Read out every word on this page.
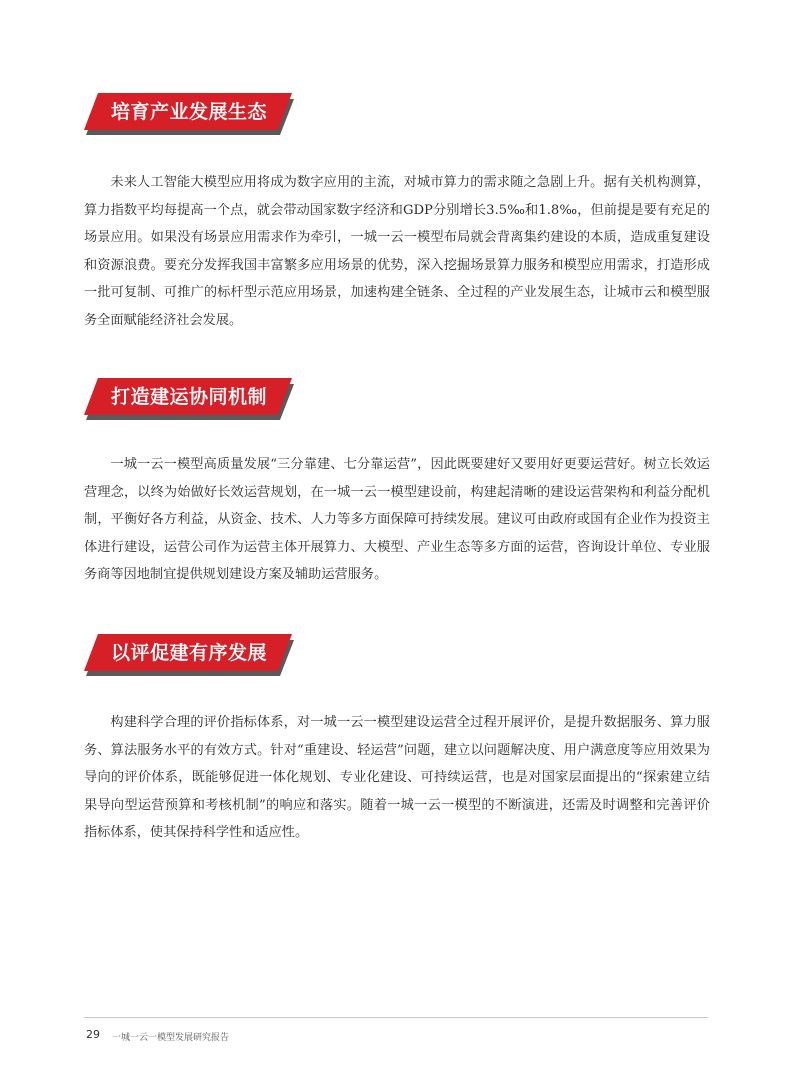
培育产业发展生态

未来人工智能大模型应用将成为数字应用的主流，对城市算力的需求随之急剧上升。据有关机构测算，算力指数平均每提高一个点，就会带动国家数字经济和GDP分别增长3.5‰和1.8‰，但前提是要有充足的场景应用。如果没有场景应用需求作为牵引，一城一云一模型布局就会背离集约建设的本质，造成重复建设和资源浪费。要充分发挥我国丰富繁多应用场景的优势，深入挖掘场景算力服务和模型应用需求，打造形成一批可复制、可推广的标杆型示范应用场景，加速构建全链条、全过程的产业发展生态，让城市云和模型服务全面赋能经济社会发展。

打造建运协同机制

一城一云一模型高质量发展“三分靠建、七分靠运营”，因此既要建好又要用好更要运营好。树立长效运营理念，以终为始做好长效运营规划，在一城一云一模型建设前，构建起清晰的建设运营架构和利益分配机制，平衡好各方利益，从资金、技术、人力等多方面保障可持续发展。建议可由政府或国有企业作为投资主体进行建设，运营公司作为运营主体开展算力、大模型、产业生态等多方面的运营，咨询设计单位、专业服务商等因地制宜提供规划建设方案及辅助运营服务。

以评促建有序发展

构建科学合理的评价指标体系，对一城一云一模型建设运营全过程开展评价，是提升数据服务、算力服务、算法服务水平的有效方式。针对“重建设、轻运营”问题，建立以问题解决度、用户满意度等应用效果为导向的评价体系，既能够促进一体化规划、专业化建设、可持续运营，也是对国家层面提出的“探索建立结果导向型运营预算和考核机制”的响应和落实。随着一城一云一模型的不断演进，还需及时调整和完善评价指标体系，使其保持科学性和适应性。

29 一城一云一模型发展研究报告
